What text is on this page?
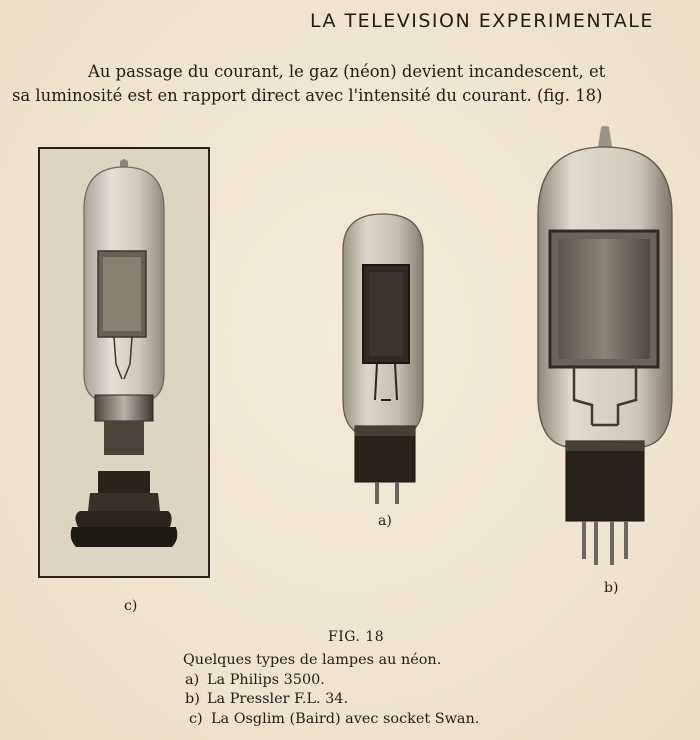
LA TELEVISION EXPERIMENTALE
Au passage du courant, le gaz (néon) devient incandescent, et
sa luminosité est en rapport direct avec l'intensité du courant. (fig. 18)
a)
b)
c)
FIG. 18
Quelques types de lampes au néon.
a) La Philips 3500.
b) La Pressler F.L. 34.
c) La Osglim (Baird) avec socket Swan.
